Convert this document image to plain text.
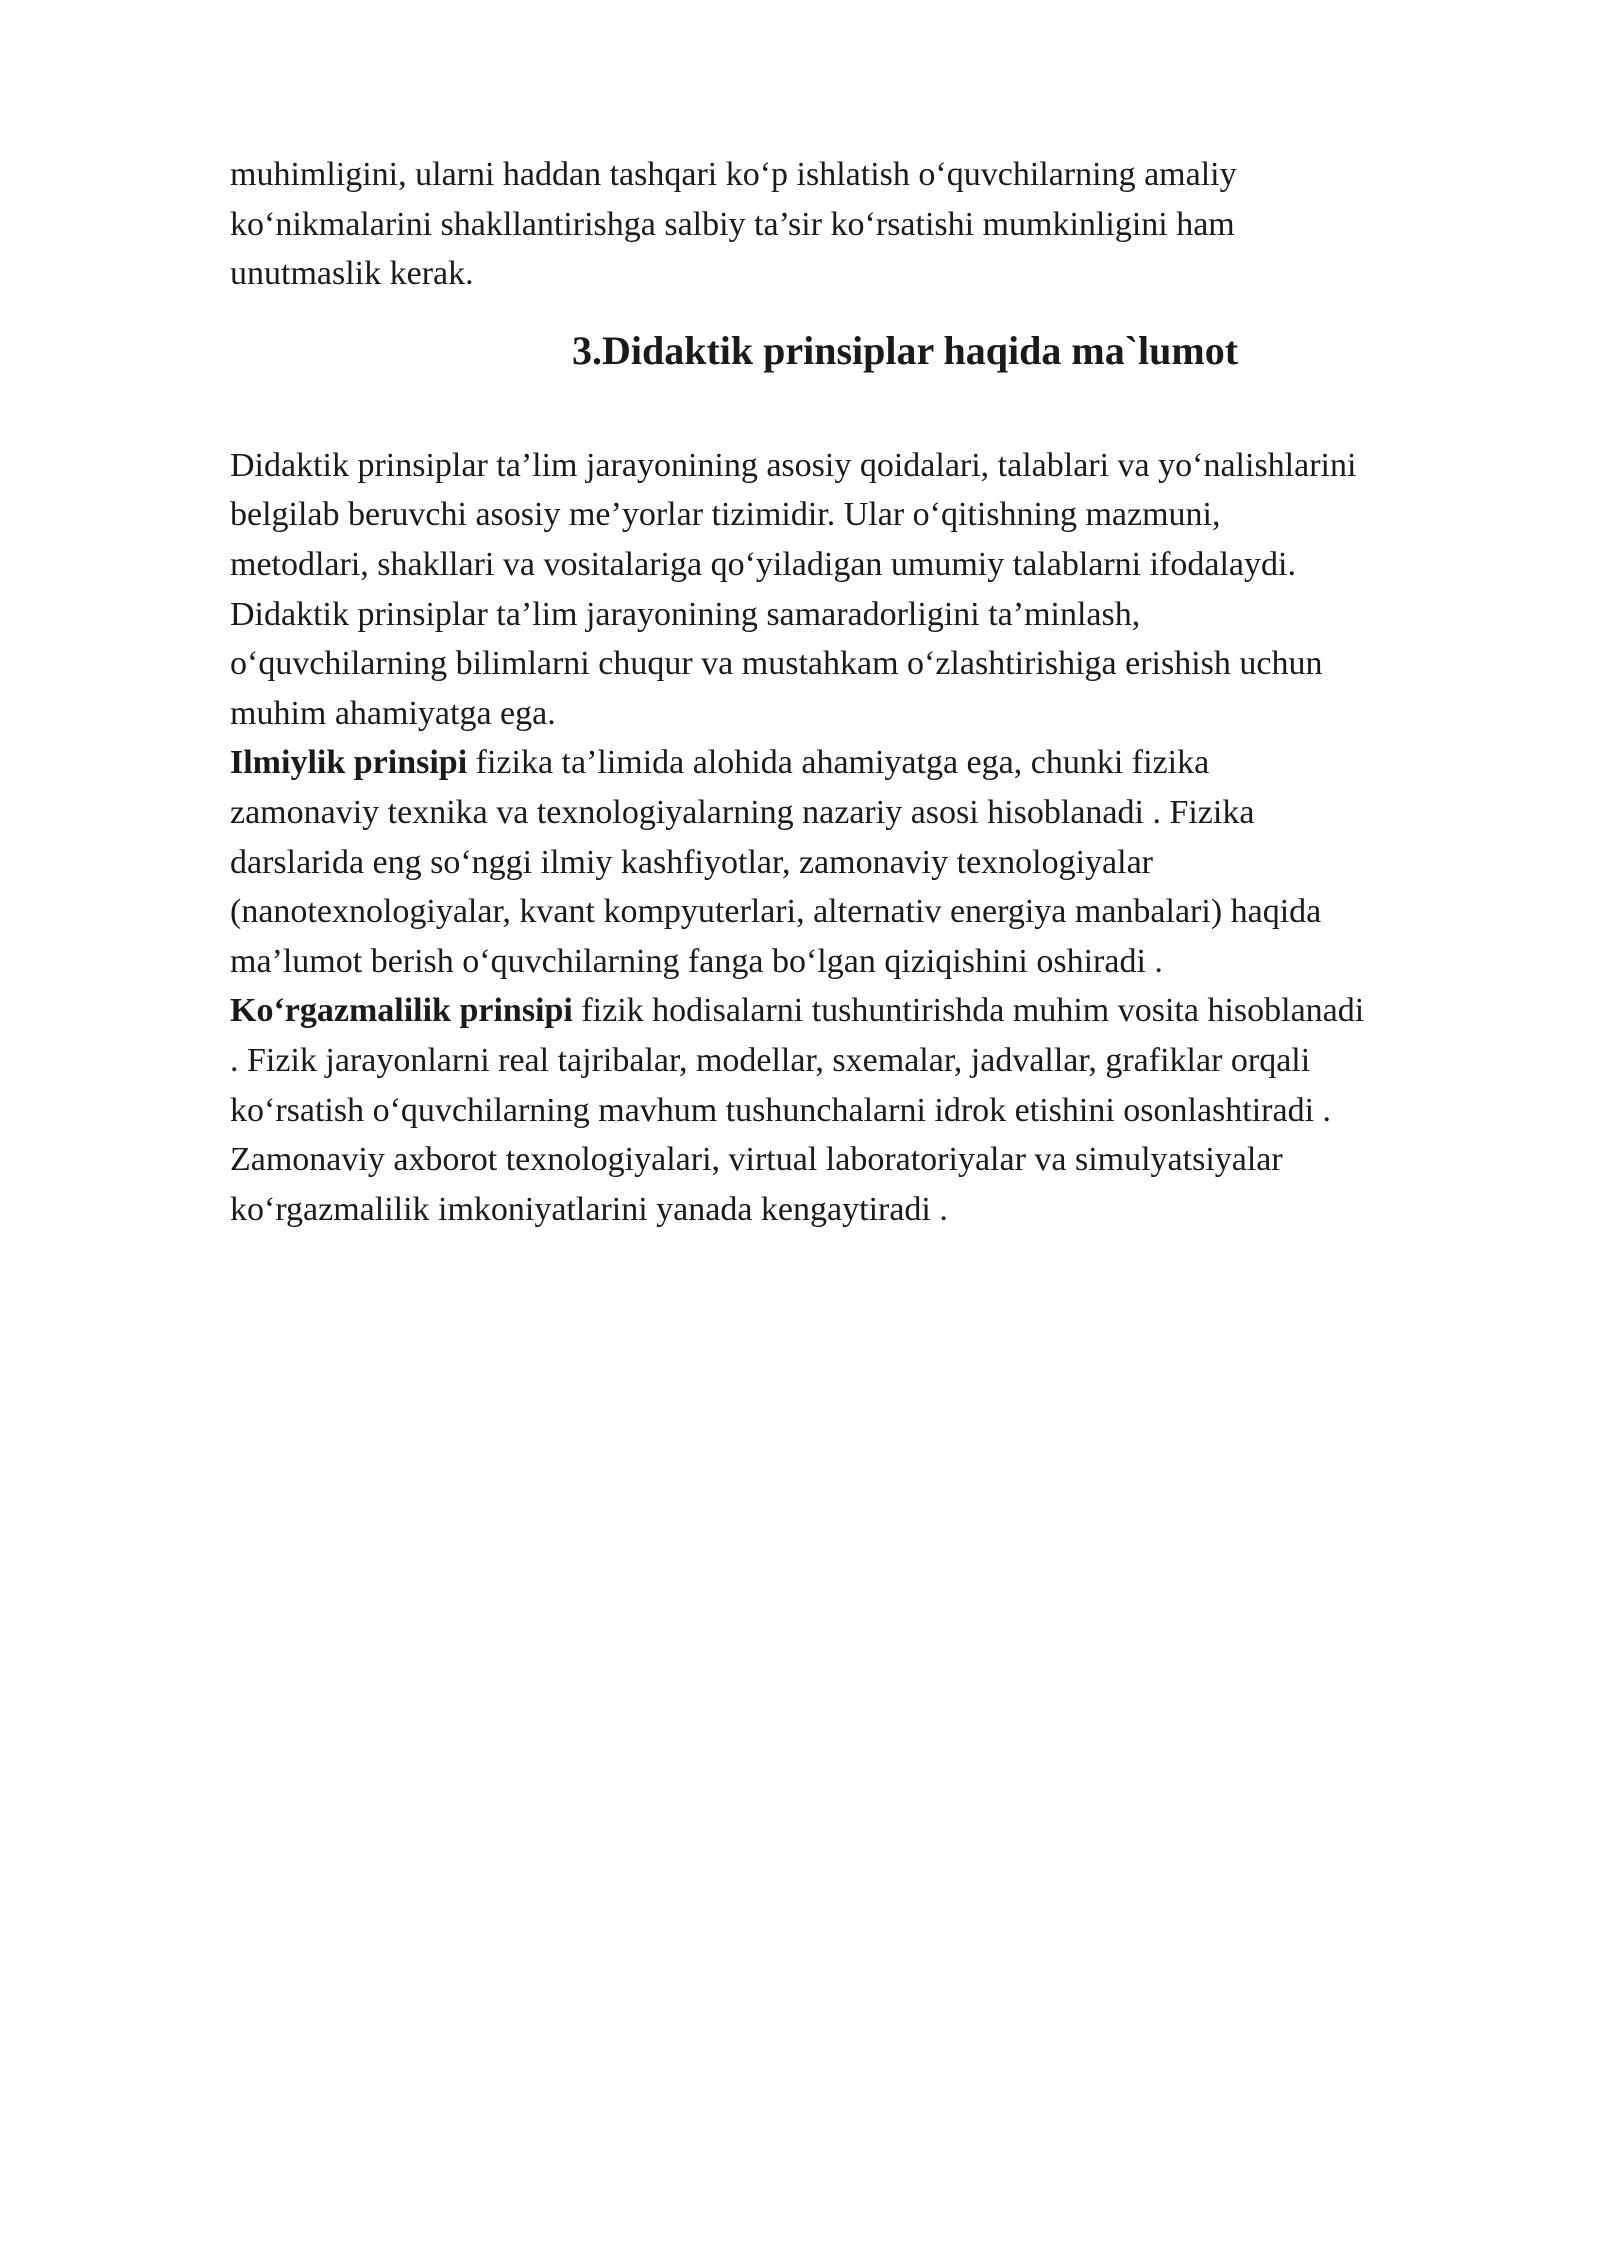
muhimligini, ularni haddan tashqari ko‘p ishlatish o‘quvchilarning amaliy
ko‘nikmalarini shakllantirishga salbiy ta’sir ko‘rsatishi mumkinligini ham
unutmaslik kerak.

3.Didaktik prinsiplar haqida ma`lumot

Didaktik prinsiplar ta’lim jarayonining asosiy qoidalari, talablari va yo‘nalishlarini
belgilab beruvchi asosiy me’yorlar tizimidir. Ular o‘qitishning mazmuni,
metodlari, shakllari va vositalariga qo‘yiladigan umumiy talablarni ifodalaydi.
Didaktik prinsiplar ta’lim jarayonining samaradorligini ta’minlash,
o‘quvchilarning bilimlarni chuqur va mustahkam o‘zlashtirishiga erishish uchun
muhim ahamiyatga ega.

Ilmiylik prinsipi fizika ta’limida alohida ahamiyatga ega, chunki fizika
zamonaviy texnika va texnologiyalarning nazariy asosi hisoblanadi . Fizika
darslarida eng so‘nggi ilmiy kashfiyotlar, zamonaviy texnologiyalar
(nanotexnologiyalar, kvant kompyuterlari, alternativ energiya manbalari) haqida
ma’lumot berish o‘quvchilarning fanga bo‘lgan qiziqishini oshiradi .

Ko‘rgazmalilik prinsipi fizik hodisalarni tushuntirishda muhim vosita hisoblanadi
. Fizik jarayonlarni real tajribalar, modellar, sxemalar, jadvallar, grafiklar orqali
ko‘rsatish o‘quvchilarning mavhum tushunchalarni idrok etishini osonlashtiradi .
Zamonaviy axborot texnologiyalari, virtual laboratoriyalar va simulyatsiyalar
ko‘rgazmalilik imkoniyatlarini yanada kengaytiradi .
